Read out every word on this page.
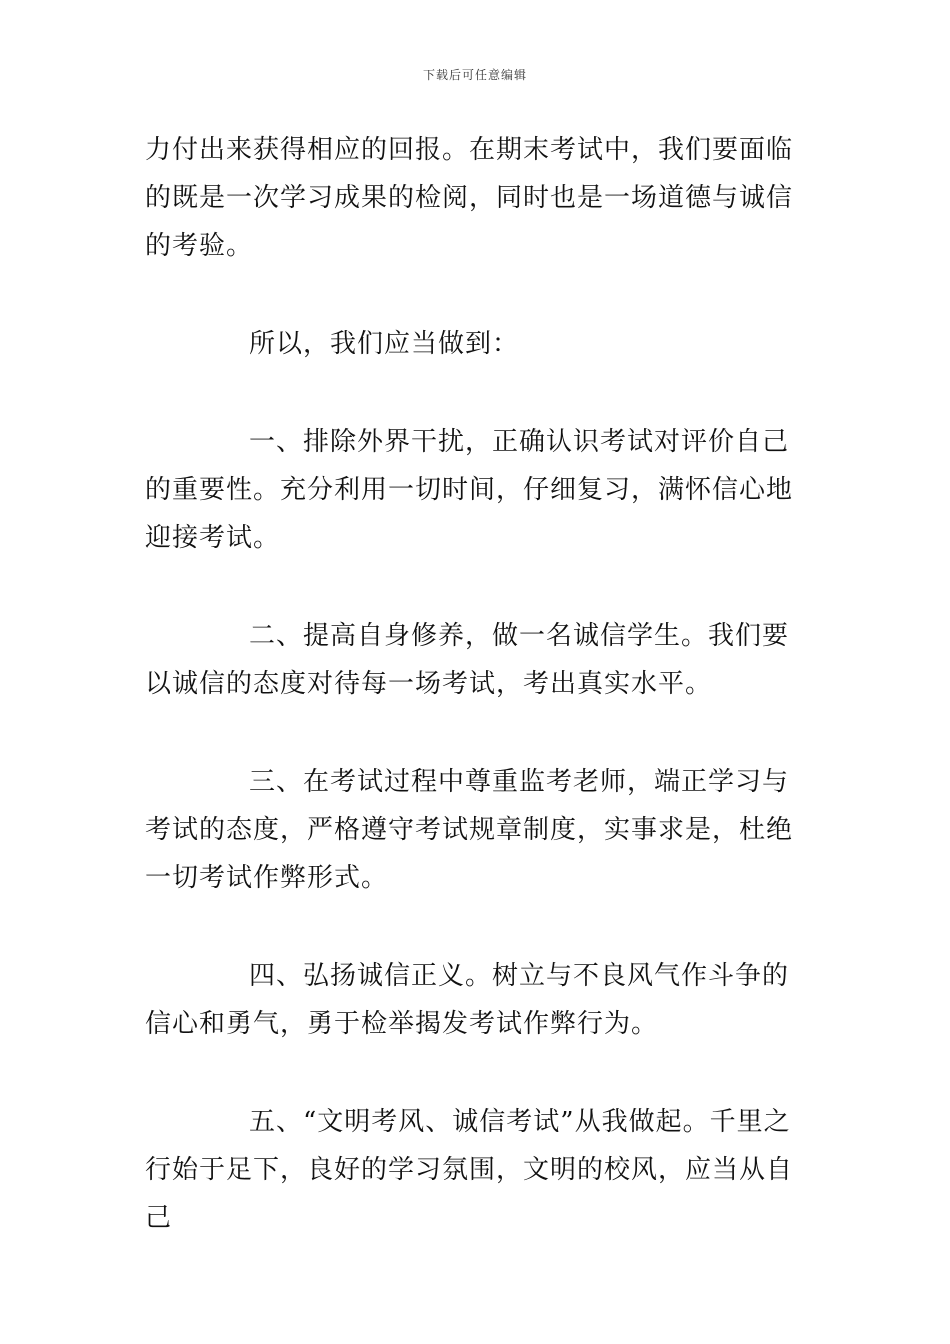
下载后可任意编辑

力付出来获得相应的回报。在期末考试中，我们要面临的既是一次学习成果的检阅，同时也是一场道德与诚信的考验。

所以，我们应当做到：

一、排除外界干扰，正确认识考试对评价自己的重要性。充分利用一切时间，仔细复习，满怀信心地迎接考试。

二、提高自身修养，做一名诚信学生。我们要以诚信的态度对待每一场考试，考出真实水平。

三、在考试过程中尊重监考老师，端正学习与考试的态度，严格遵守考试规章制度，实事求是，杜绝一切考试作弊形式。

四、弘扬诚信正义。树立与不良风气作斗争的信心和勇气，勇于检举揭发考试作弊行为。

五、“文明考风、诚信考试”从我做起。千里之行始于足下，良好的学习氛围，文明的校风，应当从自己
